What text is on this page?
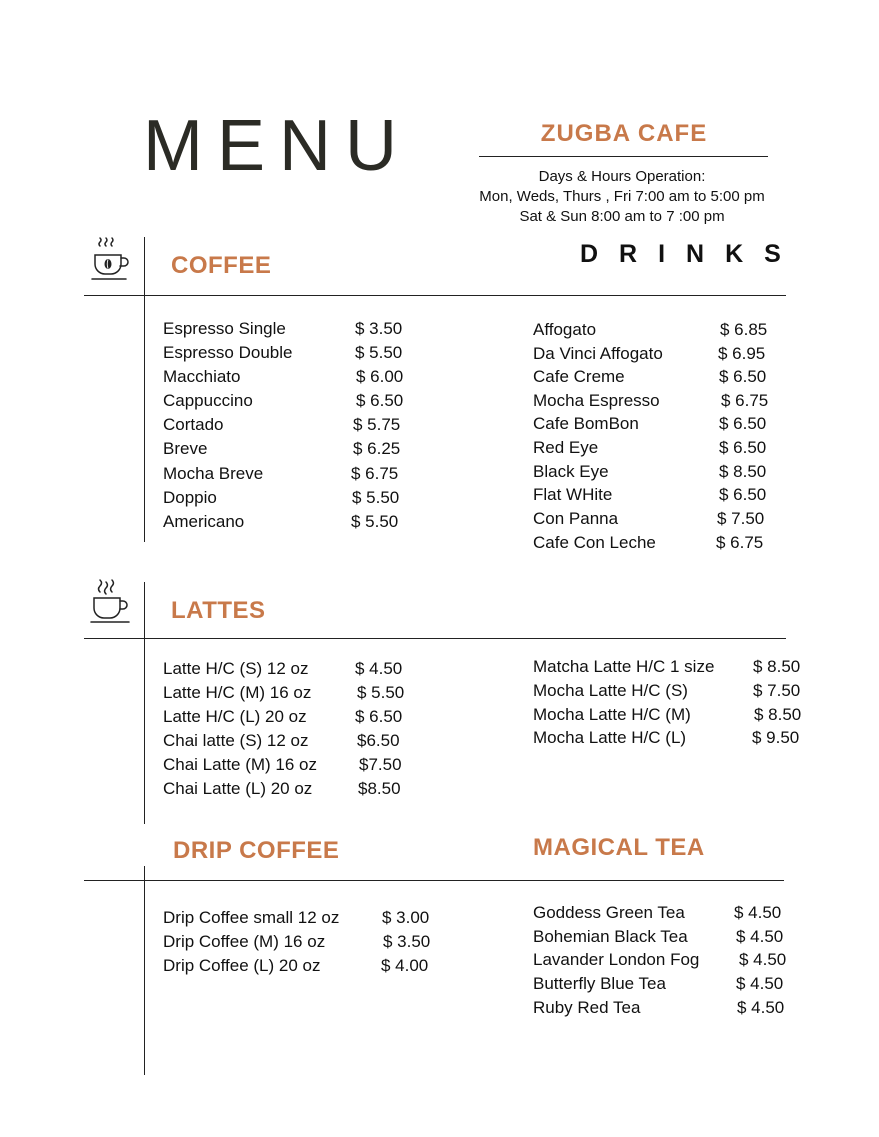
MENU	ZUGBA CAFE
Days & Hours Operation:
Mon, Weds, Thurs , Fri 7:00 am to 5:00 pm
Sat & Sun 8:00 am to 7 :00 pm
COFFEE	DRINKS
Espresso Single	$ 3.50
Espresso Double	$ 5.50
Macchiato	$ 6.00
Cappuccino	$ 6.50
Cortado	$ 5.75
Breve	$ 6.25
Mocha Breve	$ 6.75
Doppio	$ 5.50
Americano	$ 5.50
Affogato	$ 6.85
Da Vinci Affogato	$ 6.95
Cafe Creme	$ 6.50
Mocha Espresso	$ 6.75
Cafe BomBon	$ 6.50
Red Eye	$ 6.50
Black Eye	$ 8.50
Flat WHite	$ 6.50
Con Panna	$ 7.50
Cafe Con Leche	$ 6.75
LATTES
Latte H/C (S) 12 oz	$ 4.50
Latte H/C (M) 16 oz	$ 5.50
Latte H/C (L) 20 oz	$ 6.50
Chai latte (S) 12 oz	$6.50
Chai Latte (M) 16 oz $7.50
Chai Latte (L) 20 oz	$8.50
Matcha Latte H/C 1 size $ 8.50
Mocha Latte H/C (S)	$ 7.50
Mocha Latte H/C (M)	$ 8.50
Mocha Latte H/C (L)	$ 9.50
DRIP COFFEE	MAGICAL TEA
Drip Coffee small 12 oz	$ 3.00
Drip Coffee (M) 16 oz	$ 3.50
Drip Coffee (L) 20 oz	$ 4.00
Goddess Green Tea	$ 4.50
Bohemian Black Tea	$ 4.50
Lavander London Fog $ 4.50
Butterfly Blue Tea	$ 4.50
Ruby Red Tea	$ 4.50
